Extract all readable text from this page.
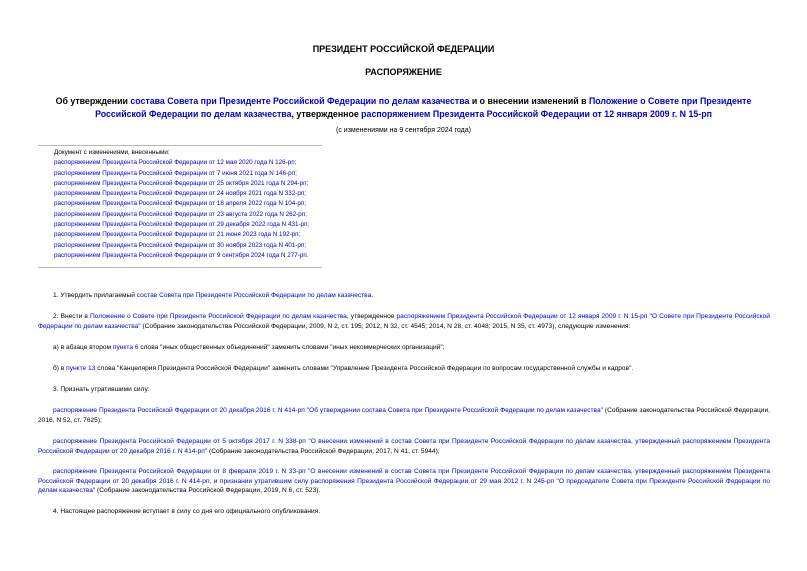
ПРЕЗИДЕНТ РОССИЙСКОЙ ФЕДЕРАЦИИ
РАСПОРЯЖЕНИЕ
Об утверждении состава Совета при Президенте Российской Федерации по делам казачества и о внесении изменений в Положение о Совете при Президенте Российской Федерации по делам казачества, утвержденное распоряжением Президента Российской Федерации от 12 января 2009 г. N 15-рп
(с изменениями на 9 сентября 2024 года)
Документ с изменениями, внесенными:
распоряжением Президента Российской Федерации от 12 мая 2020 года N 126-рп;
распоряжением Президента Российской Федерации от 7 июня 2021 года N 146-рп;
распоряжением Президента Российской Федерации от 25 октября 2021 года N 294-рп;
распоряжением Президента Российской Федерации от 24 ноября 2021 года N 332-рп;
распоряжением Президента Российской Федерации от 18 апреля 2022 года N 104-рп;
распоряжением Президента Российской Федерации от 23 августа 2022 года N 262-рп;
распоряжением Президента Российской Федерации от 29 декабря 2022 года N 431-рп;
распоряжением Президента Российской Федерации от 21 июня 2023 года N 192-рп;
распоряжением Президента Российской Федерации от 30 ноября 2023 года N 401-рп;
распоряжением Президента Российской Федерации от 9 сентября 2024 года N 277-рп.

1. Утвердить прилагаемый состав Совета при Президенте Российской Федерации по делам казачества.

2. Внести в Положение о Совете при Президенте Российской Федерации по делам казачества, утвержденное распоряжением Президента Российской Федерации от 12 января 2009 г. N 15-рп "О Совете при Президенте Российской Федерации по делам казачества" (Собрание законодательства Российской Федерации, 2009, N 2, ст. 195; 2012, N 32, ст. 4545; 2014, N 28, ст. 4048; 2015, N 35, ст. 4973), следующие изменения:

а) в абзаце втором пункта 6 слова "иных общественных объединений" заменить словами "иных некоммерческих организаций";

б) в пункте 13 слова "Канцелярия Президента Российской Федерации" заменить словами "Управление Президента Российской Федерации по вопросам государственной службы и кадров".

3. Признать утратившими силу:

распоряжение Президента Российской Федерации от 20 декабря 2016 г. N 414-рп "Об утверждении состава Совета при Президенте Российской Федерации по делам казачества" (Собрание законодательства Российской Федерации, 2016, N 52, ст. 7625);

распоряжение Президента Российской Федерации от 5 октября 2017 г. N 338-рп "О внесении изменений в состав Совета при Президенте Российской Федерации по делам казачества, утвержденный распоряжением Президента Российской Федерации от 20 декабря 2016 г. N 414-рп" (Собрание законодательства Российской Федерации, 2017, N 41, ст. 5944);

распоряжение Президента Российской Федерации от 8 февраля 2019 г. N 33-рп "О внесении изменений в состав Совета при Президенте Российской Федерации по делам казачества, утвержденный распоряжением Президента Российской Федерации от 20 декабря 2016 г. N 414-рп, и признании утратившим силу распоряжения Президента Российской Федерации от 29 мая 2012 г. N 245-рп "О председателе Совета при Президенте Российской Федерации по делам казачества" (Собрание законодательства Российской Федерации, 2019, N 6, ст. 523).

4. Настоящее распоряжение вступает в силу со дня его официального опубликования.
